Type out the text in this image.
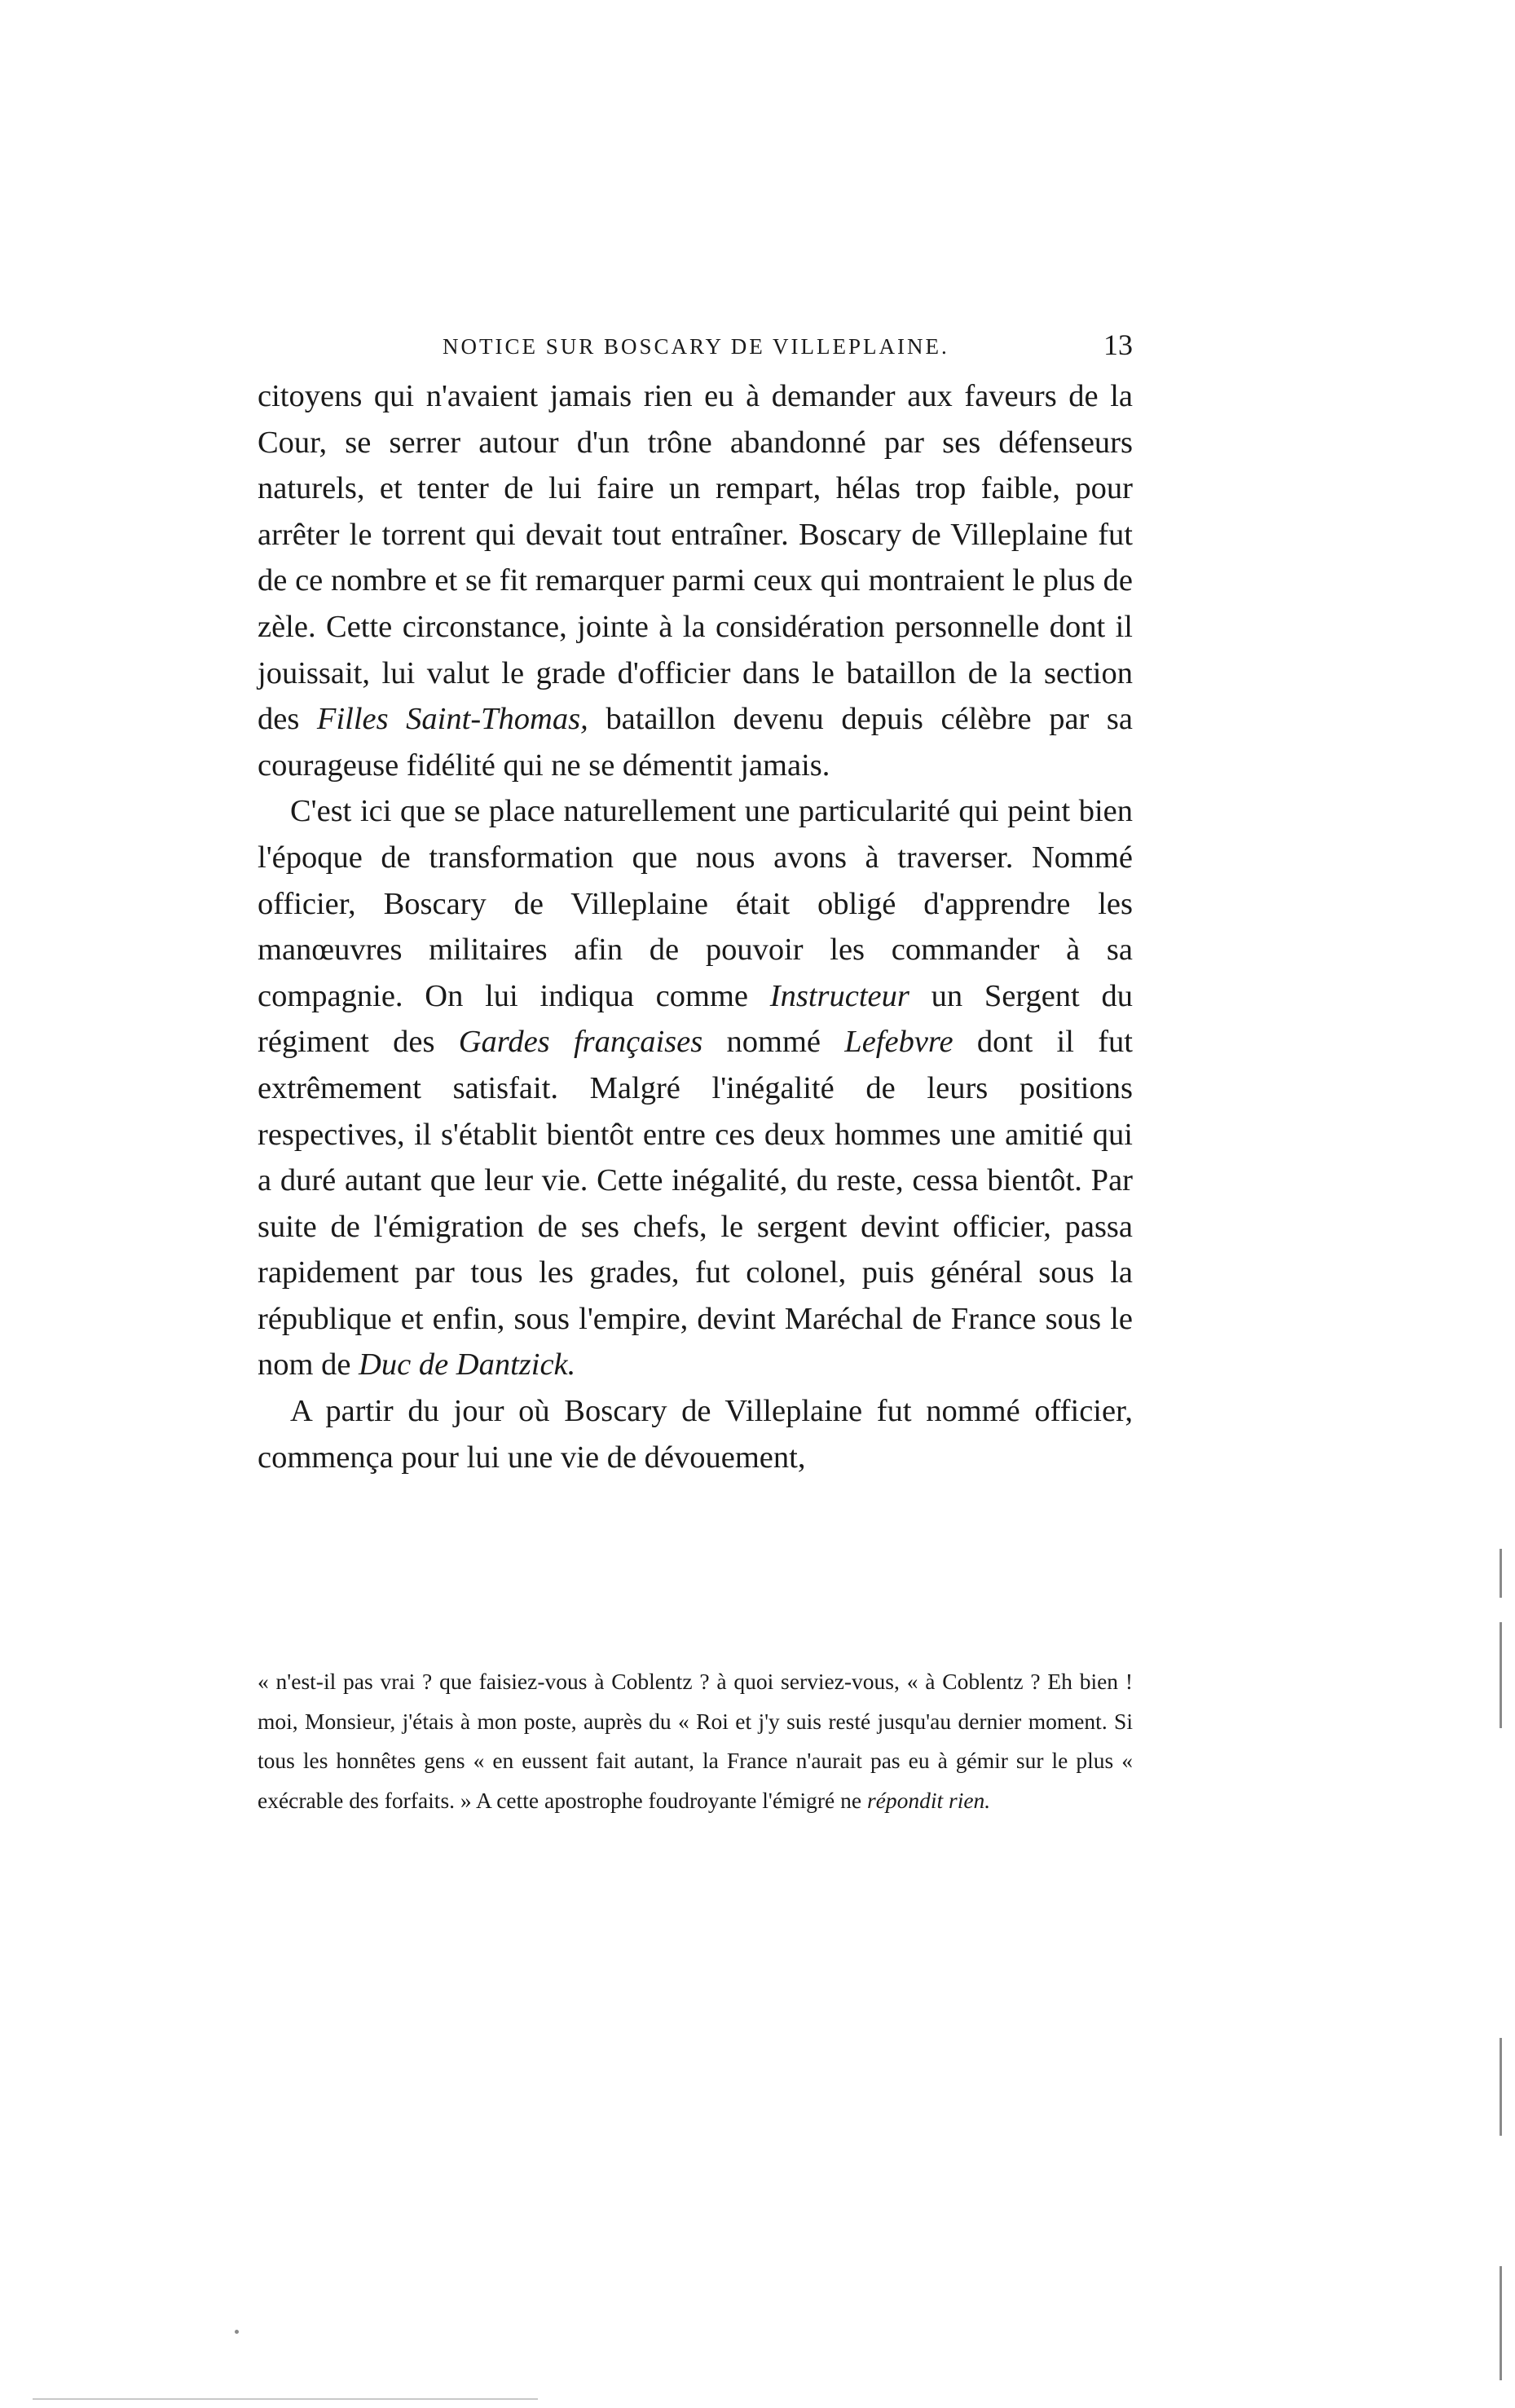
NOTICE SUR BOSCARY DE VILLEPLAINE.	13

citoyens qui n'avaient jamais rien eu à demander aux faveurs de la Cour, se serrer autour d'un trône abandonné par ses défenseurs naturels, et tenter de lui faire un rempart, hélas trop faible, pour arrêter le torrent qui devait tout entraîner. Boscary de Villeplaine fut de ce nombre et se fit remarquer parmi ceux qui montraient le plus de zèle. Cette circonstance, jointe à la considération personnelle dont il jouissait, lui valut le grade d'officier dans le bataillon de la section des Filles Saint-Thomas, bataillon devenu depuis célèbre par sa courageuse fidélité qui ne se démentit jamais.

C'est ici que se place naturellement une particularité qui peint bien l'époque de transformation que nous avons à traverser. Nommé officier, Boscary de Villeplaine était obligé d'apprendre les manœuvres militaires afin de pouvoir les commander à sa compagnie. On lui indiqua comme Instructeur un Sergent du régiment des Gardes françaises nommé Lefebvre dont il fut extrêmement satisfait. Malgré l'inégalité de leurs positions respectives, il s'établit bientôt entre ces deux hommes une amitié qui a duré autant que leur vie. Cette inégalité, du reste, cessa bientôt. Par suite de l'émigration de ses chefs, le sergent devint officier, passa rapidement par tous les grades, fut colonel, puis général sous la république et enfin, sous l'empire, devint Maréchal de France sous le nom de Duc de Dantzick.

A partir du jour où Boscary de Villeplaine fut nommé officier, commença pour lui une vie de dévouement,

« n'est-il pas vrai ? que faisiez-vous à Coblentz ? à quoi serviez-vous, « à Coblentz ? Eh bien ! moi, Monsieur, j'étais à mon poste, auprès du « Roi et j'y suis resté jusqu'au dernier moment. Si tous les honnêtes gens « en eussent fait autant, la France n'aurait pas eu à gémir sur le plus « exécrable des forfaits. » A cette apostrophe foudroyante l'émigré ne répondit rien.
